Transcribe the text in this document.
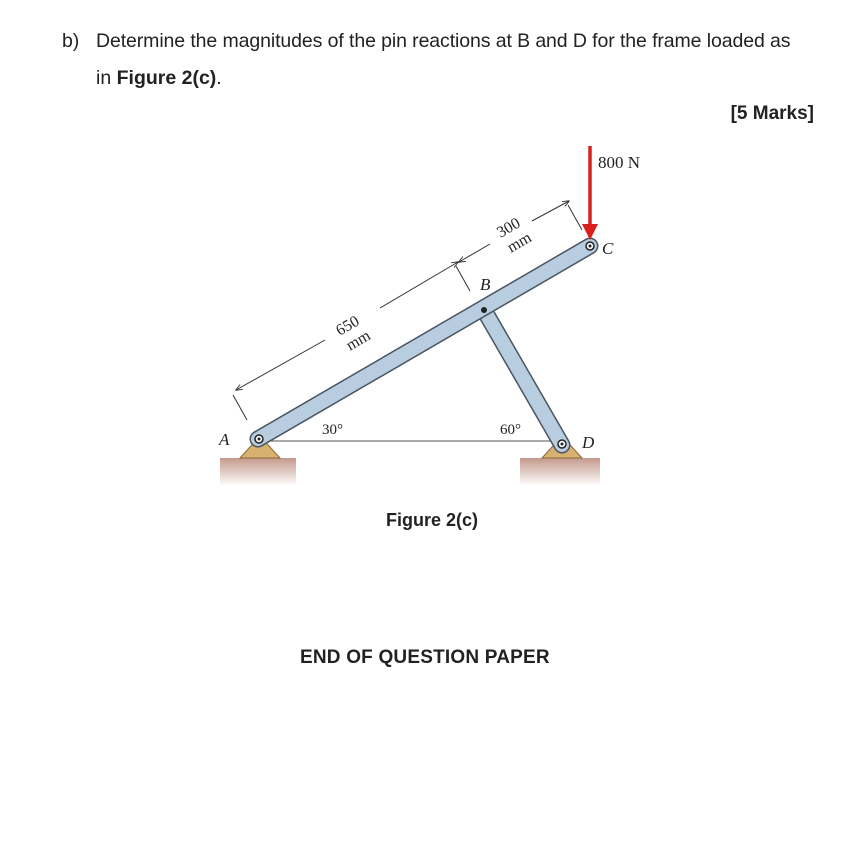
b) Determine the magnitudes of the pin reactions at B and D for the frame loaded as
in Figure 2(c).
[5 Marks]
800 N
A
B
C
D
30°	60°
650
mm
300
mm
Figure 2(c)
END OF QUESTION PAPER
